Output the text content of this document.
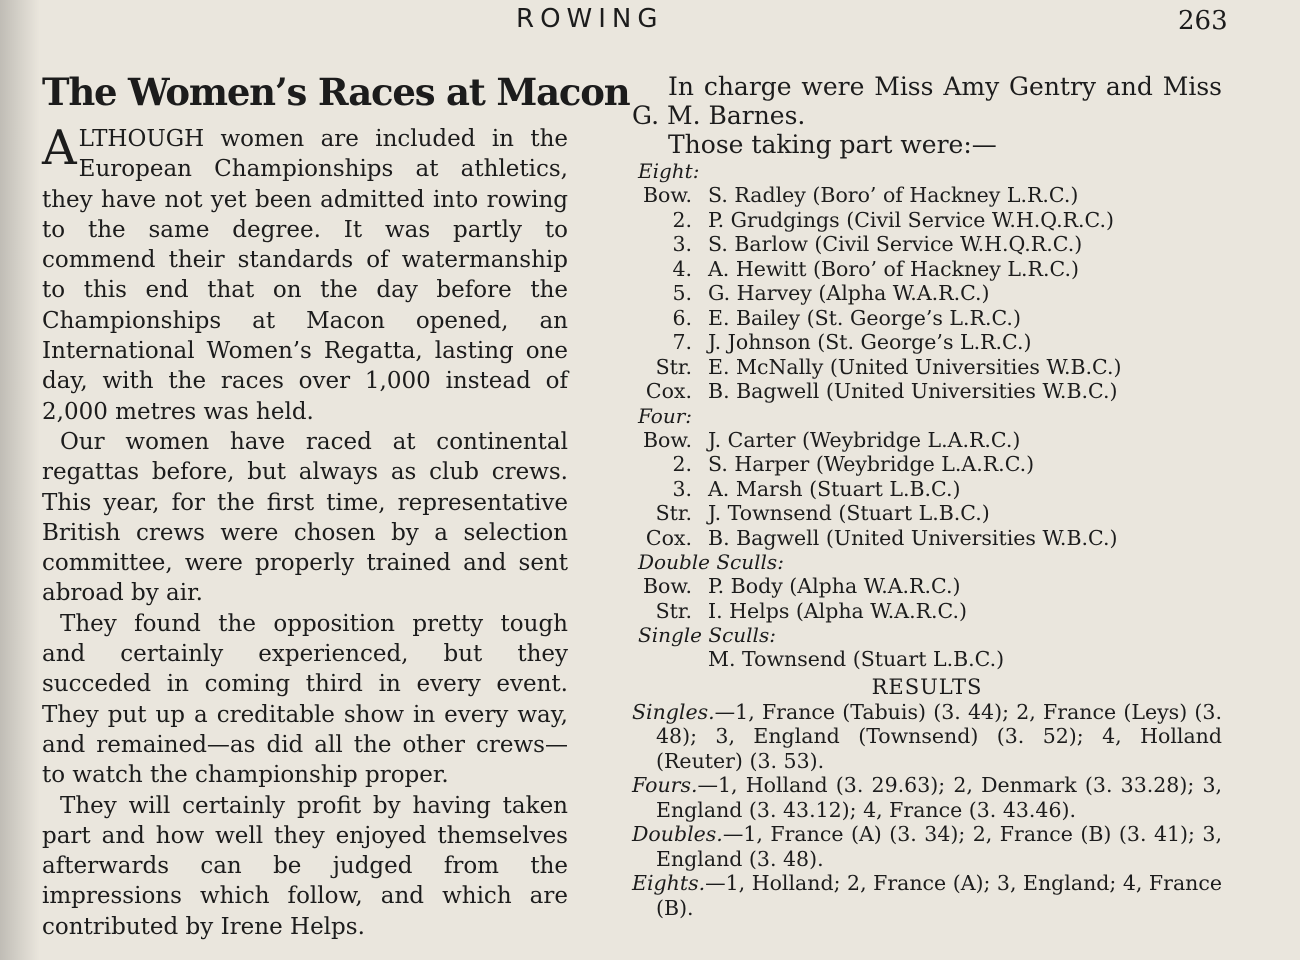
ROWING	263
The Women’s Races at Macon

ALTHOUGH women are included in the European Championships at athletics, they have not yet been admitted into rowing to the same degree. It was partly to commend their standards of watermanship to this end that on the day before the Championships at Macon opened, an International Women’s Regatta, lasting one day, with the races over 1,000 instead of 2,000 metres was held.

Our women have raced at continental regattas before, but always as club crews. This year, for the first time, representative British crews were chosen by a selection committee, were properly trained and sent abroad by air.

They found the opposition pretty tough and certainly experienced, but they succeded in coming third in every event. They put up a creditable show in every way, and remained—as did all the other crews—to watch the championship proper.

They will certainly profit by having taken part and how well they enjoyed themselves afterwards can be judged from the impressions which follow, and which are contributed by Irene Helps.

In charge were Miss Amy Gentry and Miss G. M. Barnes.

Those taking part were:—

Eight:
Bow. S. Radley (Boro’ of Hackney L.R.C.)
2. P. Grudgings (Civil Service W.H.Q.R.C.)
3. S. Barlow (Civil Service W.H.Q.R.C.)
4. A. Hewitt (Boro’ of Hackney L.R.C.)
5. G. Harvey (Alpha W.A.R.C.)
6. E. Bailey (St. George’s L.R.C.)
7. J. Johnson (St. George’s L.R.C.)
Str. E. McNally (United Universities W.B.C.)
Cox. B. Bagwell (United Universities W.B.C.)
Four:
Bow. J. Carter (Weybridge L.A.R.C.)
2. S. Harper (Weybridge L.A.R.C.)
3. A. Marsh (Stuart L.B.C.)
Str. J. Townsend (Stuart L.B.C.)
Cox. B. Bagwell (United Universities W.B.C.)
Double Sculls:
Bow. P. Body (Alpha W.A.R.C.)
Str. I. Helps (Alpha W.A.R.C.)
Single Sculls:
M. Townsend (Stuart L.B.C.)
RESULTS
Singles.—1, France (Tabuis) (3. 44); 2, France (Leys) (3. 48); 3, England (Townsend) (3. 52); 4, Holland (Reuter) (3. 53).
Fours.—1, Holland (3. 29.63); 2, Denmark (3. 33.28); 3, England (3. 43.12); 4, France (3. 43.46).
Doubles.—1, France (A) (3. 34); 2, France (B) (3. 41); 3, England (3. 48).
Eights.—1, Holland; 2, France (A); 3, England; 4, France (B).
